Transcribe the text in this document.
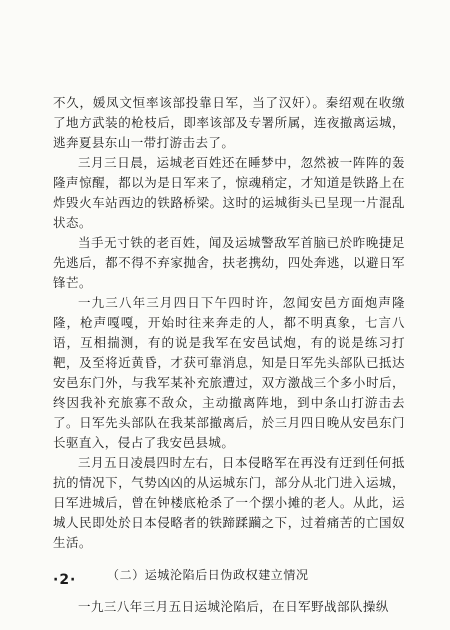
不久，媛凤文恒率该部投靠日军，当了汉奸）。秦绍观在收缴了地方武装的枪枝后，即率该部及专署所属，连夜撤离运城，逃奔夏县东山一带打游击去了。

三月三日晨，运城老百姓还在睡梦中，忽然被一阵阵的轰隆声惊醒，都以为是日军来了，惊魂稍定，才知道是铁路上在炸毁火车站西边的铁路桥梁。这时的运城街头已呈现一片混乱状态。

当手无寸铁的老百姓，闻及运城警敌军首脑已於昨晚捷足先逃后，都不得不弃家抛舍，扶老携幼，四处奔逃，以避日军锋芒。

一九三八年三月四日下午四时许，忽闻安邑方面炮声隆隆，枪声嘎嘎，开始时往来奔走的人，都不明真象，七言八语，互相揣测，有的说是我军在安邑试炮，有的说是练习打靶，及至将近黄昏，才获可靠消息，知是日军先头部队已抵达安邑东门外，与我军某补充旅遭过，双方激战三个多小时后，终因我补充旅寡不敌众，主动撤离阵地，到中条山打游击去了。日军先头部队在我某部撤离后，於三月四日晚从安邑东门长驱直入，侵占了我安邑县城。

三月五日凌晨四时左右，日本侵略军在再没有迂到任何抵抗的情况下，气势凶凶的从运城东门，部分从北门进入运城，日军进城后，曾在钟楼底枪杀了一个摆小摊的老人。从此，运城人民即处於日本侵略者的铁蹄蹂躏之下，过着痛苦的亡国奴生活。

（二）运城沦陷后日伪政权建立情况

一九三八年三月五日运城沦陷后，在日军野战部队操纵

·2·
